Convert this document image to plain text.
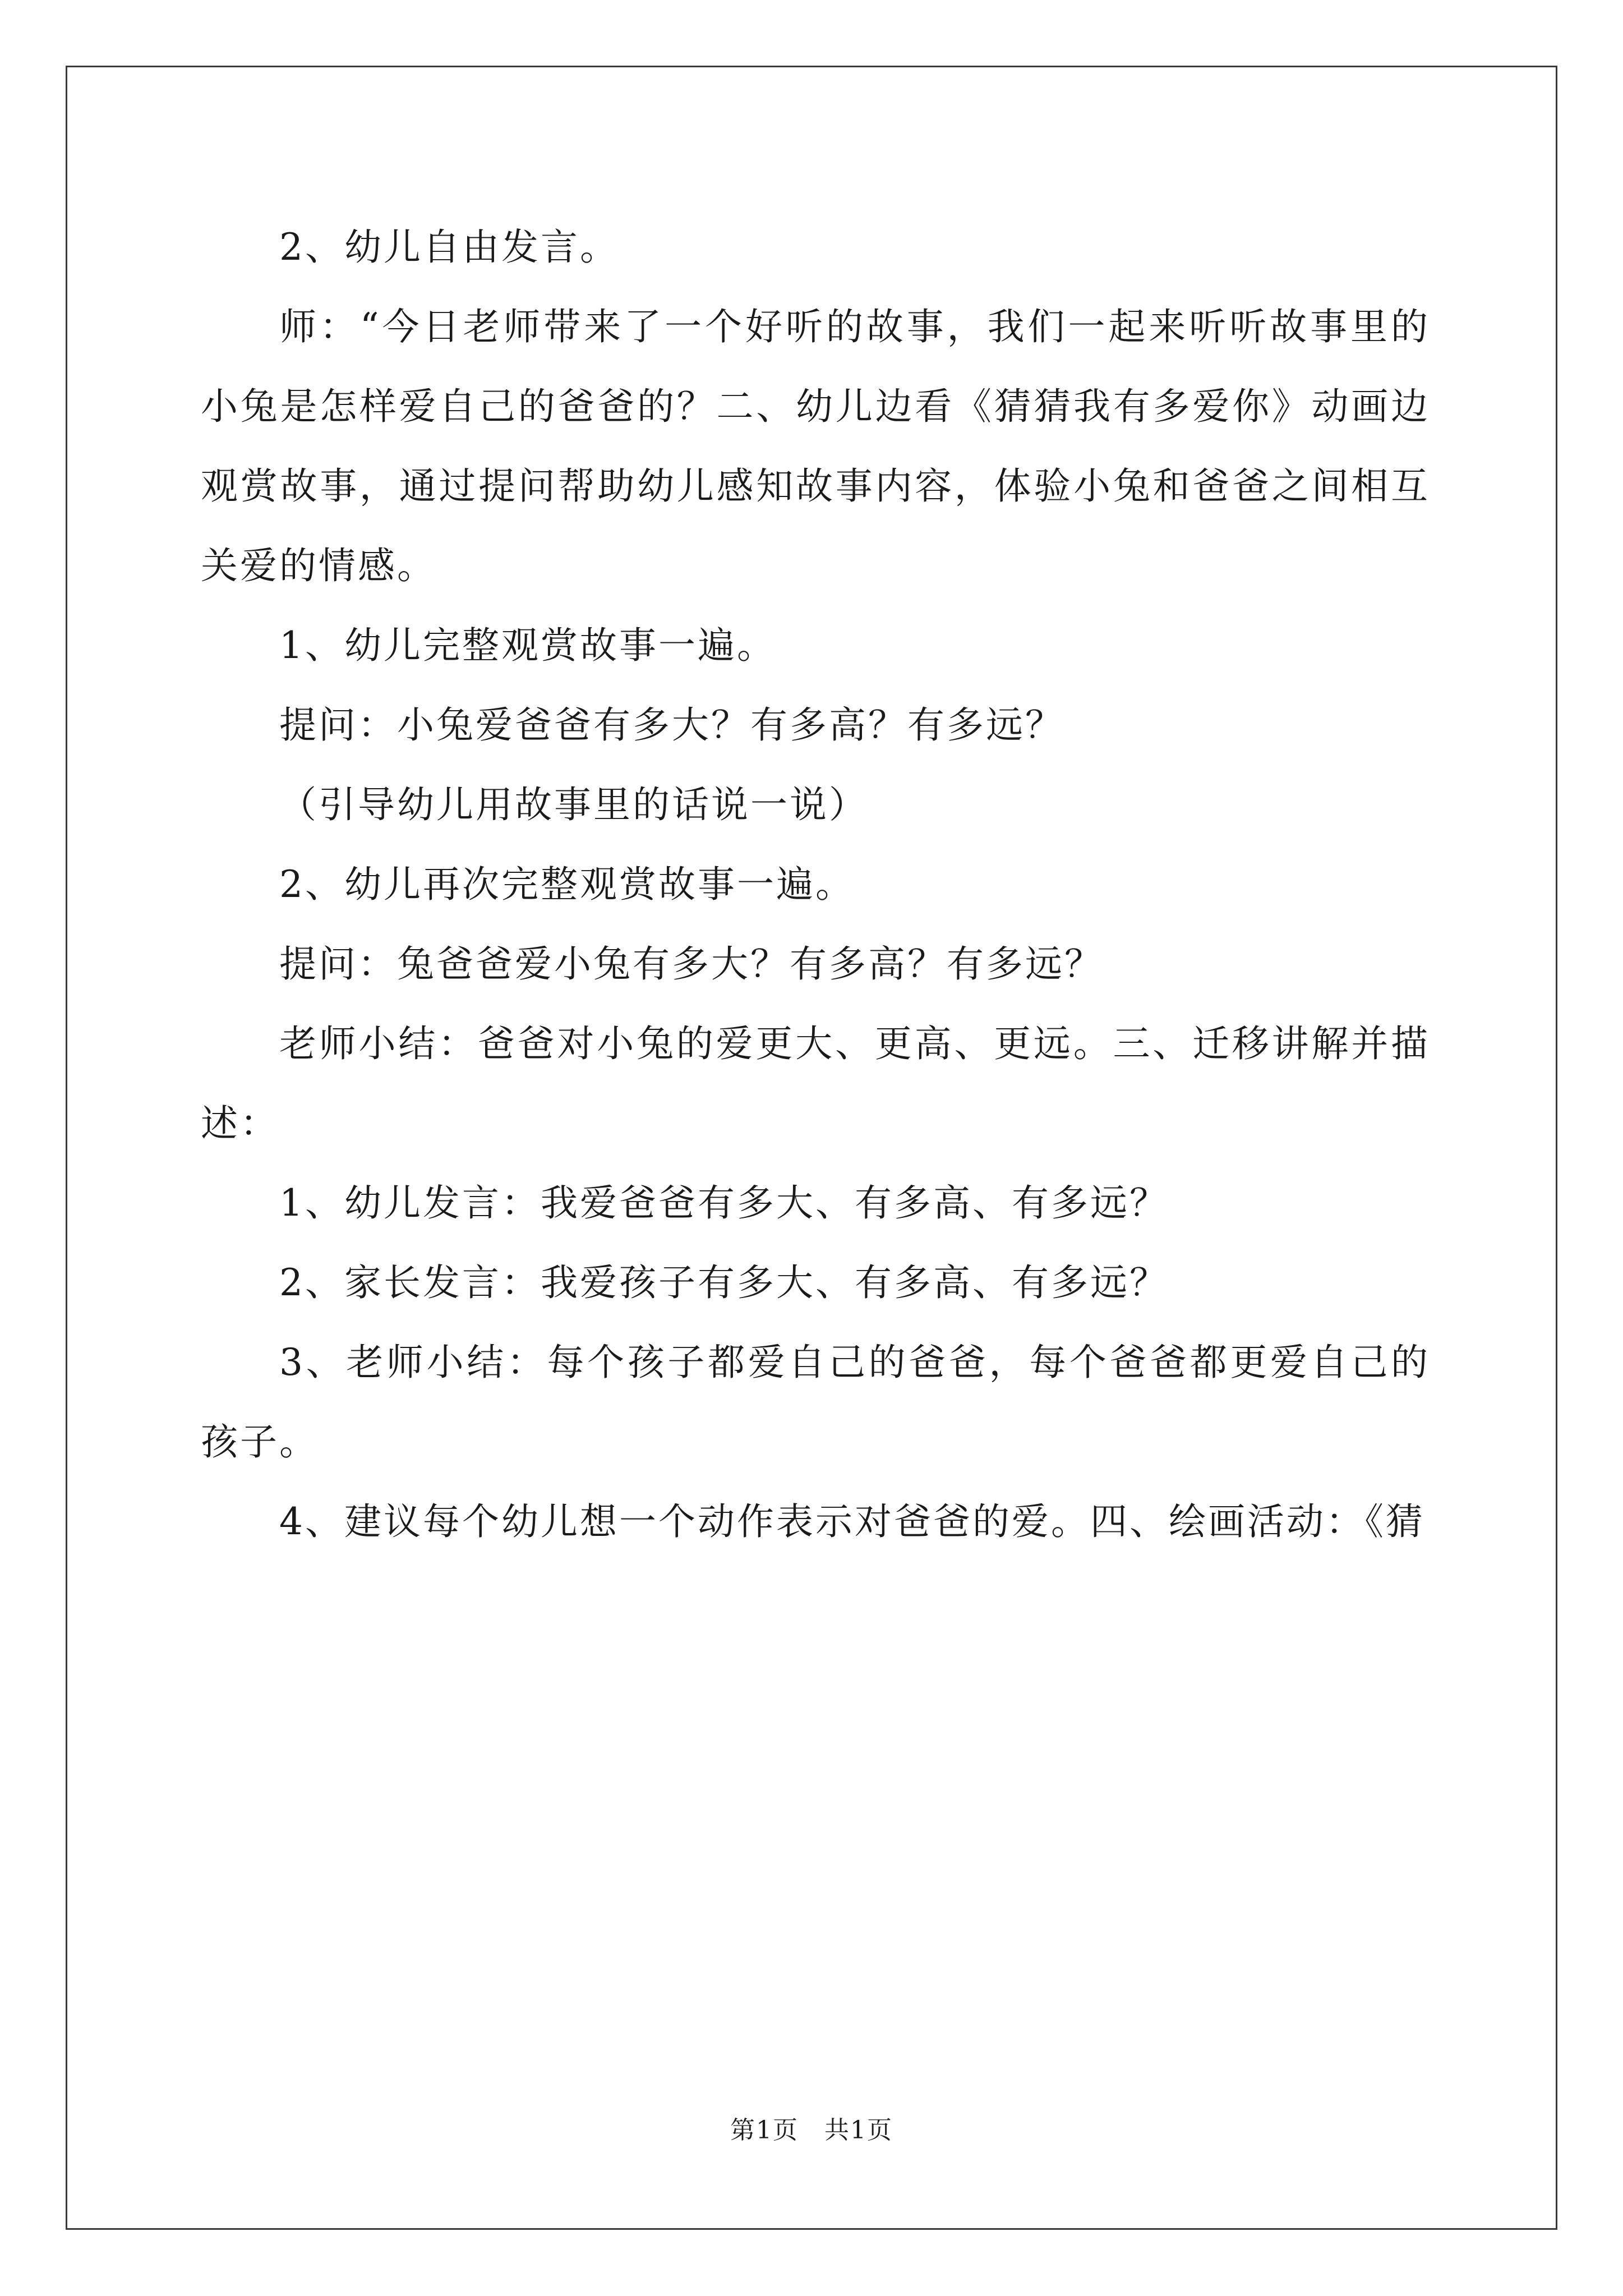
2、幼儿自由发言。

师：“今日老师带来了一个好听的故事，我们一起来听听故事里的小兔是怎样爱自己的爸爸的？二、幼儿边看《猜猜我有多爱你》动画边观赏故事，通过提问帮助幼儿感知故事内容，体验小兔和爸爸之间相互关爱的情感。

1、幼儿完整观赏故事一遍。

提问：小兔爱爸爸有多大？有多高？有多远？

（引导幼儿用故事里的话说一说）

2、幼儿再次完整观赏故事一遍。

提问：兔爸爸爱小兔有多大？有多高？有多远？

老师小结：爸爸对小兔的爱更大、更高、更远。三、迁移讲解并描述：

1、幼儿发言：我爱爸爸有多大、有多高、有多远？

2、家长发言：我爱孩子有多大、有多高、有多远？

3、老师小结：每个孩子都爱自己的爸爸，每个爸爸都更爱自己的孩子。

4、建议每个幼儿想一个动作表示对爸爸的爱。四、绘画活动：《猜

第1页　共1页
